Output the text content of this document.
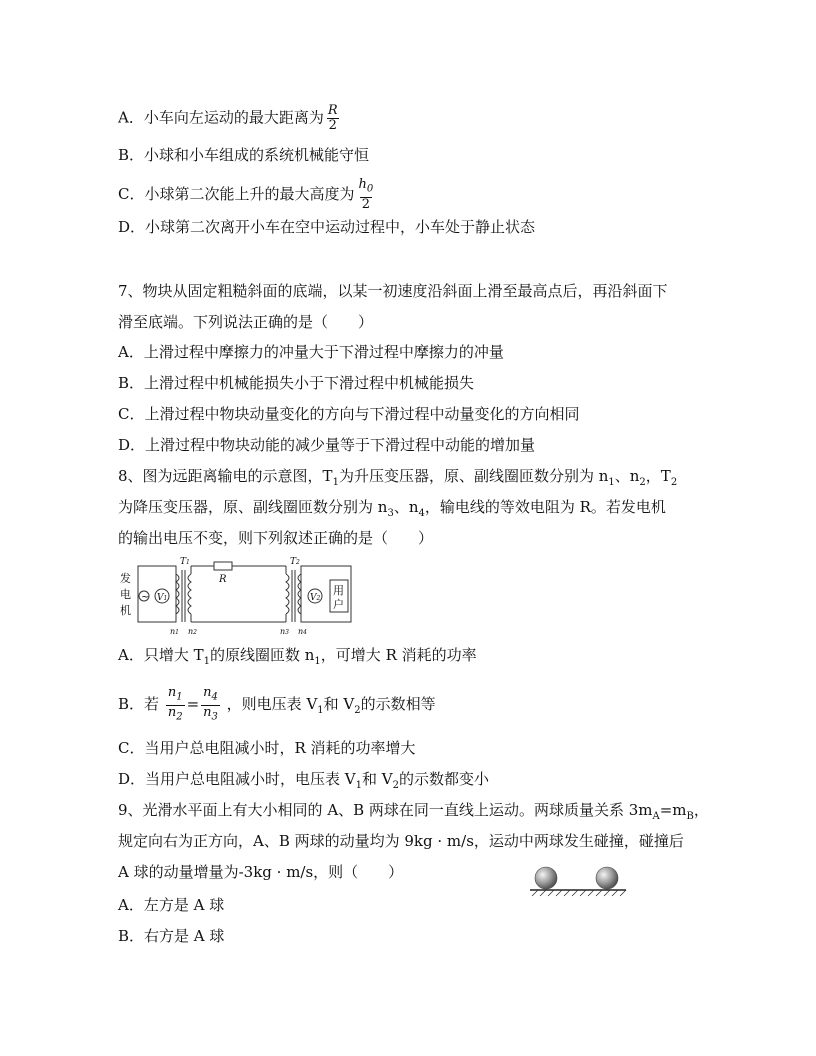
A．小车向左运动的最大距离为 $\frac{R}{2}$
B．小球和小车组成的系统机械能守恒
C．小球第二次能上升的最大高度为 $\frac{h_0}{2}$
D．小球第二次离开小车在空中运动过程中，小车处于静止状态
7、物块从固定粗糙斜面的底端，以某一初速度沿斜面上滑至最高点后，再沿斜面下
滑至底端。下列说法正确的是（　　）
A．上滑过程中摩擦力的冲量大于下滑过程中摩擦力的冲量
B．上滑过程中机械能损失小于下滑过程中机械能损失
C．上滑过程中物块动量变化的方向与下滑过程中动量变化的方向相同
D．上滑过程中物块动能的减少量等于下滑过程中动能的增加量
8、图为远距离输电的示意图，$T_1$为升压变压器，原、副线圈匝数分别为 $n_1$、$n_2$，$T_2$
为降压变压器，原、副线圈匝数分别为 $n_3$、$n_4$，输电线的等效电阻为 R。若发电机
的输出电压不变，则下列叙述正确的是（　　）
发
电
机
~ V1
T1
R
T2
V2
用
户
n1 n2	n3 n4
A．只增大 $T_1$的原线圈匝数 $n_1$，可增大 R 消耗的功率
B．若 $\frac{n_1}{n_2} = \frac{n_4}{n_3}$ ，则电压表 $V_1$和 $V_2$的示数相等
C．当用户总电阻减小时，R 消耗的功率增大
D．当用户总电阻减小时，电压表 $V_1$和 $V_2$的示数都变小
9、光滑水平面上有大小相同的 A、B 两球在同一直线上运动。两球质量关系 $3m_A=m_B$，
规定向右为正方向，A、B 两球的动量均为 9kg · m/s，运动中两球发生碰撞，碰撞后
A 球的动量增量为-3kg · m/s，则（　　）
A．左方是 A 球
B．右方是 A 球
